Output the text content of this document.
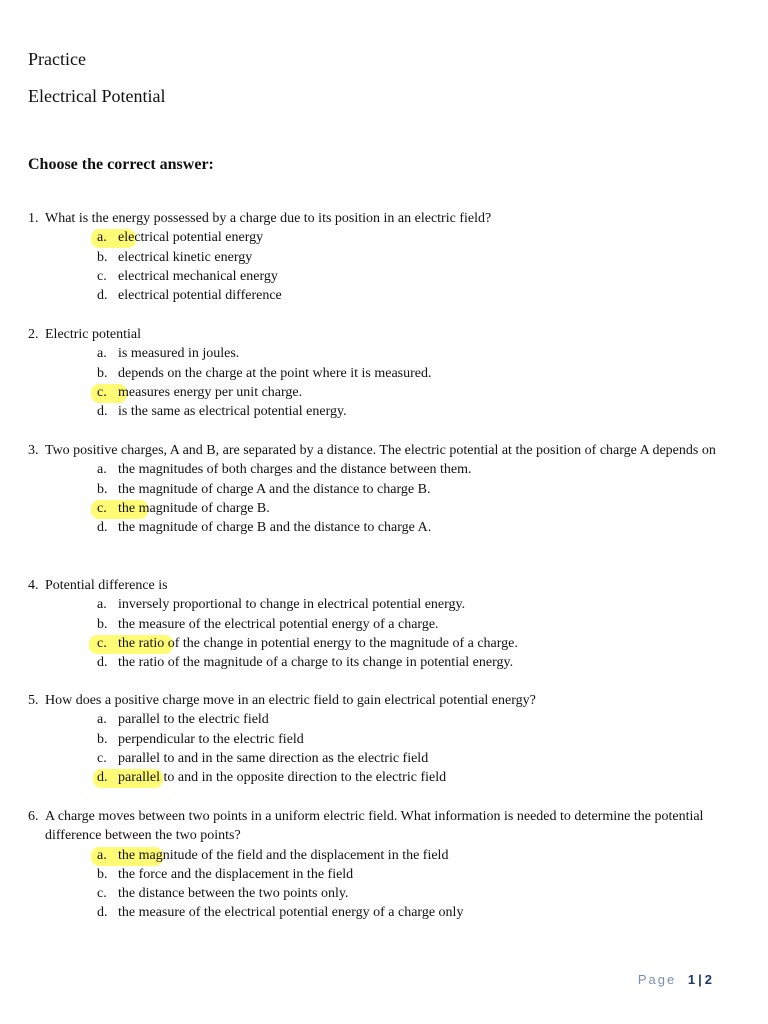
Practice
Electrical Potential
Choose the correct answer:
1. What is the energy possessed by a charge due to its position in an electric field?
a. electrical potential energy
b. electrical kinetic energy
c. electrical mechanical energy
d. electrical potential difference
2. Electric potential
a. is measured in joules.
b. depends on the charge at the point where it is measured.
c. measures energy per unit charge.
d. is the same as electrical potential energy.
3. Two positive charges, A and B, are separated by a distance. The electric potential at the position of charge A depends on
a. the magnitudes of both charges and the distance between them.
b. the magnitude of charge A and the distance to charge B.
c. the magnitude of charge B.
d. the magnitude of charge B and the distance to charge A.
4. Potential difference is
a. inversely proportional to change in electrical potential energy.
b. the measure of the electrical potential energy of a charge.
c. the ratio of the change in potential energy to the magnitude of a charge.
d. the ratio of the magnitude of a charge to its change in potential energy.
5. How does a positive charge move in an electric field to gain electrical potential energy?
a. parallel to the electric field
b. perpendicular to the electric field
c. parallel to and in the same direction as the electric field
d. parallel to and in the opposite direction to the electric field
6. A charge moves between two points in a uniform electric field. What information is needed to determine the potential difference between the two points?
a. the magnitude of the field and the displacement in the field
b. the force and the displacement in the field
c. the distance between the two points only.
d. the measure of the electrical potential energy of a charge only
Page 1 | 2
